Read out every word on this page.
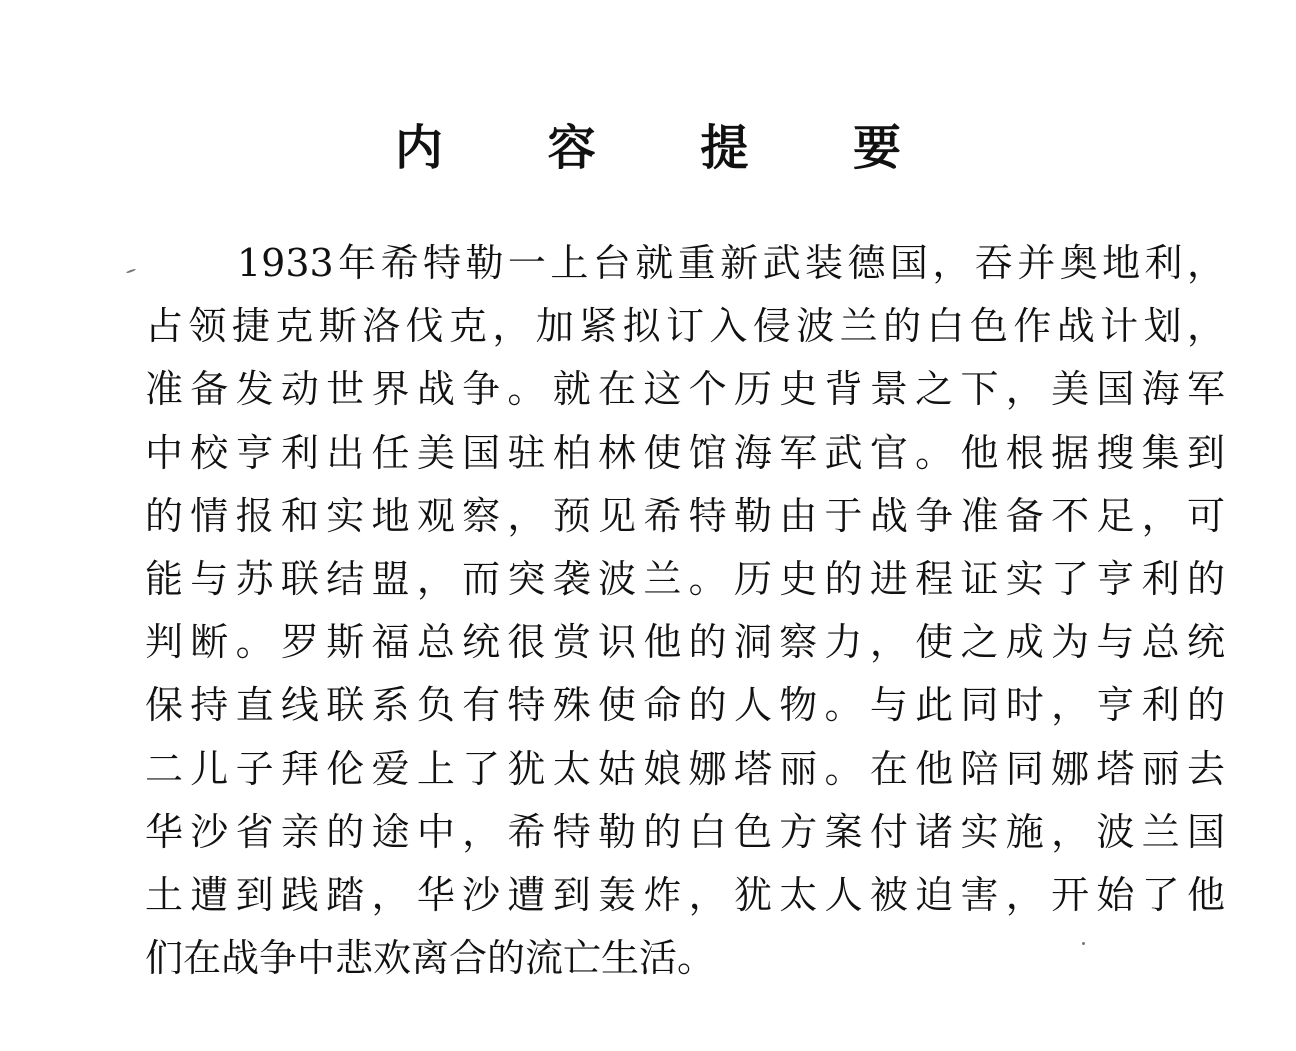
内 容 提 要
1933年希特勒一上台就重新武装德国，吞并奥地利，
占领捷克斯洛伐克，加紧拟订入侵波兰的白色作战计划，
准备发动世界战争。就在这个历史背景之下，美国海军
中校亨利出任美国驻柏林使馆海军武官。他根据搜集到
的情报和实地观察，预见希特勒由于战争准备不足，可
能与苏联结盟，而突袭波兰。历史的进程证实了亨利的
判断。罗斯福总统很赏识他的洞察力，使之成为与总统
保持直线联系负有特殊使命的人物。与此同时，亨利的
二儿子拜伦爱上了犹太姑娘娜塔丽。在他陪同娜塔丽去
华沙省亲的途中，希特勒的白色方案付诸实施，波兰国
土遭到践踏，华沙遭到轰炸，犹太人被迫害，开始了他
们在战争中悲欢离合的流亡生活。
